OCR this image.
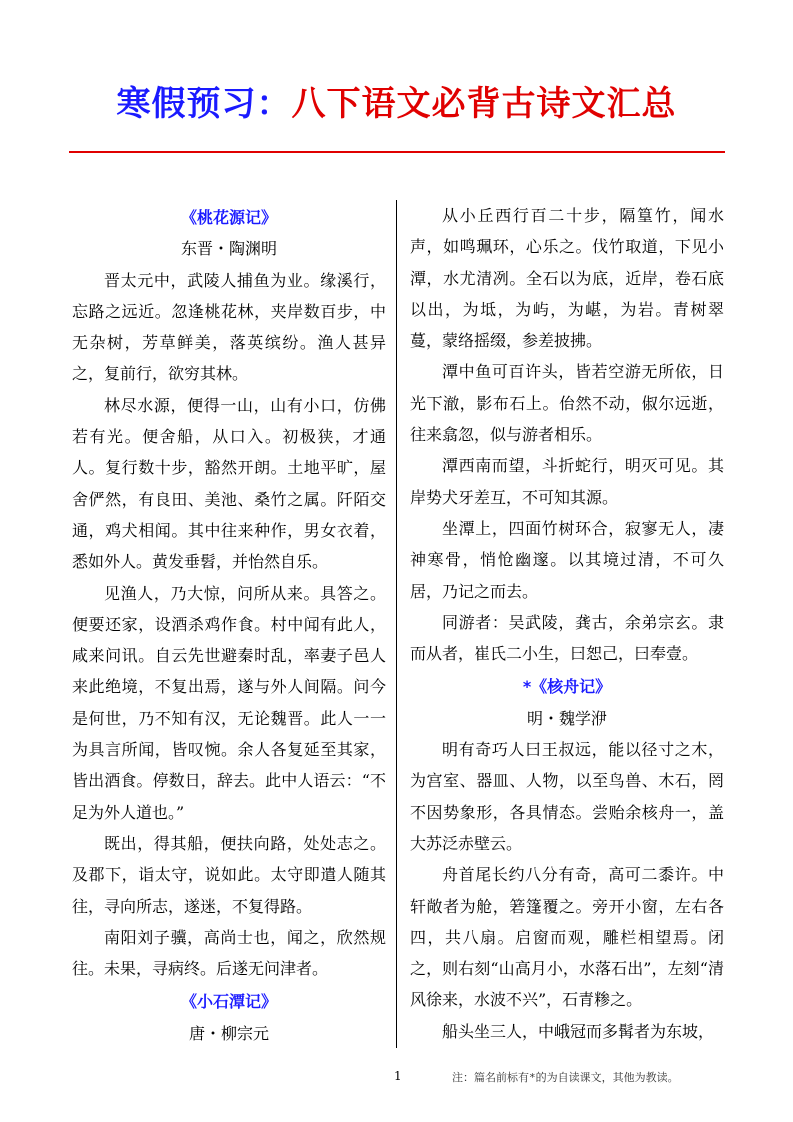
寒假预习：八下语文必背古诗文汇总

《桃花源记》

东晋・陶渊明

晋太元中，武陵人捕鱼为业。缘溪行，忘路之远近。忽逢桃花林，夹岸数百步，中无杂树，芳草鲜美，落英缤纷。渔人甚异之，复前行，欲穷其林。

林尽水源，便得一山，山有小口，仿佛若有光。便舍船，从口入。初极狭，才通人。复行数十步，豁然开朗。土地平旷，屋舍俨然，有良田、美池、桑竹之属。阡陌交通，鸡犬相闻。其中往来种作，男女衣着，悉如外人。黄发垂髫，并怡然自乐。

见渔人，乃大惊，问所从来。具答之。便要还家，设酒杀鸡作食。村中闻有此人，咸来问讯。自云先世避秦时乱，率妻子邑人来此绝境，不复出焉，遂与外人间隔。问今是何世，乃不知有汉，无论魏晋。此人一一为具言所闻，皆叹惋。余人各复延至其家，皆出酒食。停数日，辞去。此中人语云：“不足为外人道也。”

既出，得其船，便扶向路，处处志之。及郡下，诣太守，说如此。太守即遣人随其往，寻向所志，遂迷，不复得路。

南阳刘子骥，高尚士也，闻之，欣然规往。未果，寻病终。后遂无问津者。

《小石潭记》

唐・柳宗元

从小丘西行百二十步，隔篁竹，闻水声，如鸣珮环，心乐之。伐竹取道，下见小潭，水尤清冽。全石以为底，近岸，卷石底以出，为坻，为屿，为嵁，为岩。青树翠蔓，蒙络摇缀，参差披拂。

潭中鱼可百许头，皆若空游无所依，日光下澈，影布石上。佁然不动，俶尔远逝，往来翕忽，似与游者相乐。

潭西南而望，斗折蛇行，明灭可见。其岸势犬牙差互，不可知其源。

坐潭上，四面竹树环合，寂寥无人，凄神寒骨，悄怆幽邃。以其境过清，不可久居，乃记之而去。

同游者：吴武陵，龚古，余弟宗玄。隶而从者，崔氏二小生，曰恕己，曰奉壹。

*《核舟记》

明・魏学洢

明有奇巧人曰王叔远，能以径寸之木，为宫室、器皿、人物，以至鸟兽、木石，罔不因势象形，各具情态。尝贻余核舟一，盖大苏泛赤壁云。

舟首尾长约八分有奇，高可二黍许。中轩敞者为舱，箬篷覆之。旁开小窗，左右各四，共八扇。启窗而观，雕栏相望焉。闭之，则右刻“山高月小，水落石出”，左刻“清风徐来，水波不兴”，石青糁之。

船头坐三人，中峨冠而多髯者为东坡，

1	注：篇名前标有*的为自读课文，其他为教读。
